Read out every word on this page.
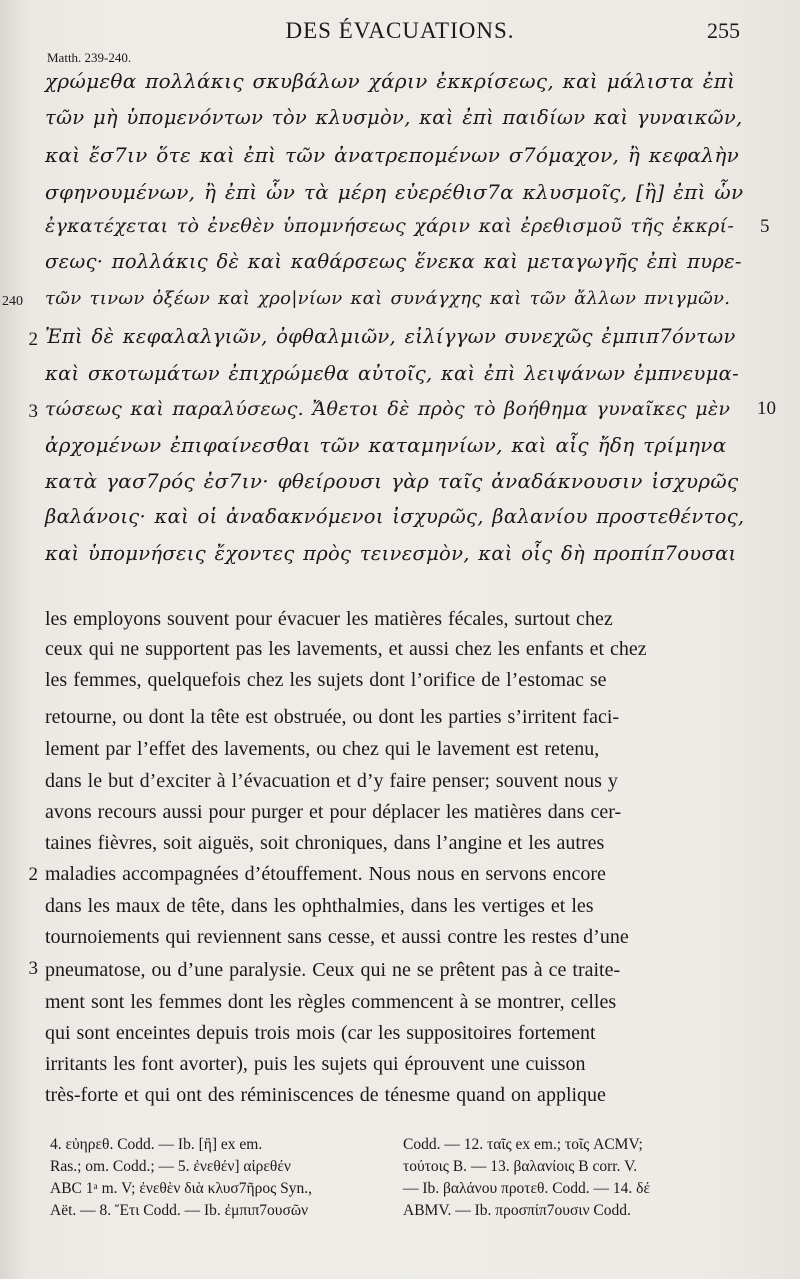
DES ÉVACUATIONS.	255
Matth. 239-240.
χρώμεθα πολλάκις σκυβάλων χάριν ἐκκρίσεως, καὶ μάλιστα ἐπὶ
τῶν μὴ ὑπομενόντων τὸν κλυσμὸν, καὶ ἐπὶ παιδίων καὶ γυναικῶν,
καὶ ἔσ7ιν ὅτε καὶ ἐπὶ τῶν ἀνατρεπομένων σ7όμαχον, ἢ κεφαλὴν
σφηνουμένων, ἢ ἐπὶ ὧν τὰ μέρη εὐερέθισ7α κλυσμοῖς, [ἢ] ἐπὶ ὧν
ἐγκατέχεται τὸ ἐνεθὲν ὑπομνήσεως χάριν καὶ ἐρεθισμοῦ τῆς ἐκκρί-
σεως· πολλάκις δὲ καὶ καθάρσεως ἕνεκα καὶ μεταγωγῆς ἐπὶ πυρε-
τῶν τινων ὀξέων καὶ χρο|νίων καὶ συνάγχης καὶ τῶν ἄλλων πνιγμῶν.
Ἐπὶ δὲ κεφαλαλγιῶν, ὀφθαλμιῶν, εἰλίγγων συνεχῶς ἐμπιπ7όντων
καὶ σκοτωμάτων ἐπιχρώμεθα αὐτοῖς, καὶ ἐπὶ λειψάνων ἐμπνευμα-
τώσεως καὶ παραλύσεως. Ἄθετοι δὲ πρὸς τὸ βοήθημα γυναῖκες μὲν
ἀρχομένων ἐπιφαίνεσθαι τῶν καταμηνίων, καὶ αἷς ἤδη τρίμηνα
κατὰ γασ7ρός ἐσ7ιν· φθείρουσι γὰρ ταῖς ἀναδάκνουσιν ἰσχυρῶς
βαλάνοις· καὶ οἱ ἀναδακνόμενοι ἰσχυρῶς, βαλανίου προστεθέντος,
καὶ ὑπομνήσεις ἔχοντες πρὸς τεινεσμὸν, καὶ οἷς δὴ προπίπ7ουσαι
240
2
3
5
10
les employons souvent pour évacuer les matières fécales, surtout chez
ceux qui ne supportent pas les lavements, et aussi chez les enfants et chez
les femmes, quelquefois chez les sujets dont l’orifice de l’estomac se
retourne, ou dont la tête est obstruée, ou dont les parties s’irritent faci-
lement par l’effet des lavements, ou chez qui le lavement est retenu,
dans le but d’exciter à l’évacuation et d’y faire penser; souvent nous y
avons recours aussi pour purger et pour déplacer les matières dans cer-
taines fièvres, soit aiguës, soit chroniques, dans l’angine et les autres
maladies accompagnées d’étouffement. Nous nous en servons encore
dans les maux de tête, dans les ophthalmies, dans les vertiges et les
tournoiements qui reviennent sans cesse, et aussi contre les restes d’une
pneumatose, ou d’une paralysie. Ceux qui ne se prêtent pas à ce traite-
ment sont les femmes dont les règles commencent à se montrer, celles
qui sont enceintes depuis trois mois (car les suppositoires fortement
irritants les font avorter), puis les sujets qui éprouvent une cuisson
très-forte et qui ont des réminiscences de ténesme quand on applique
2
3
4. εὐηρεθ. Codd. — Ib. [ἢ] ex em.
Ras.; om. Codd.; — 5. ἐνεθέν] αἱρεθέν
ABC 1ᵃ m. V; ἐνεθὲν διὰ κλυσ7ῆρος Syn.,
Aët. — 8. Ἔτι Codd. — Ib. ἐμπιπ7ουσῶν
Codd. — 12. ταῖς ex em.; τοῖς ACMV;
τούτοις B. — 13. βαλανίοις B corr. V.
— Ib. βαλάνου προτεθ. Codd. — 14. δέ
ABMV. — Ib. προσπίπ7ουσιν Codd.
